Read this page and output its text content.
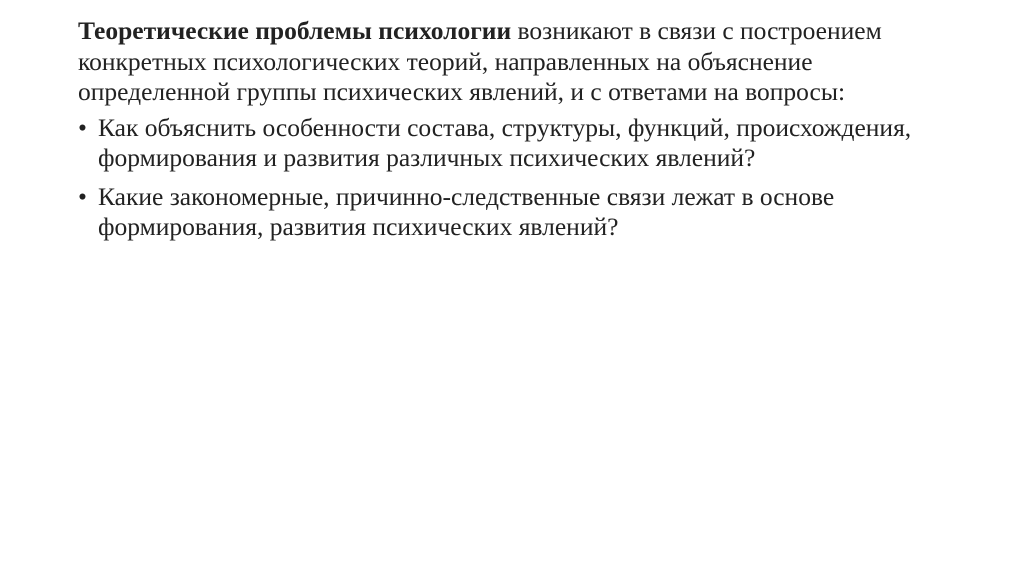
Теоретические проблемы психологии возникают в связи с построением конкретных психологических теорий, направленных на объяснение определенной группы психических явлений, и с ответами на вопросы:

• Как объяснить особенности состава, структуры, функций, происхождения, формирования и развития различных психических явлений?
• Какие закономерные, причинно-следственные связи лежат в основе формирования, развития психических явлений?
